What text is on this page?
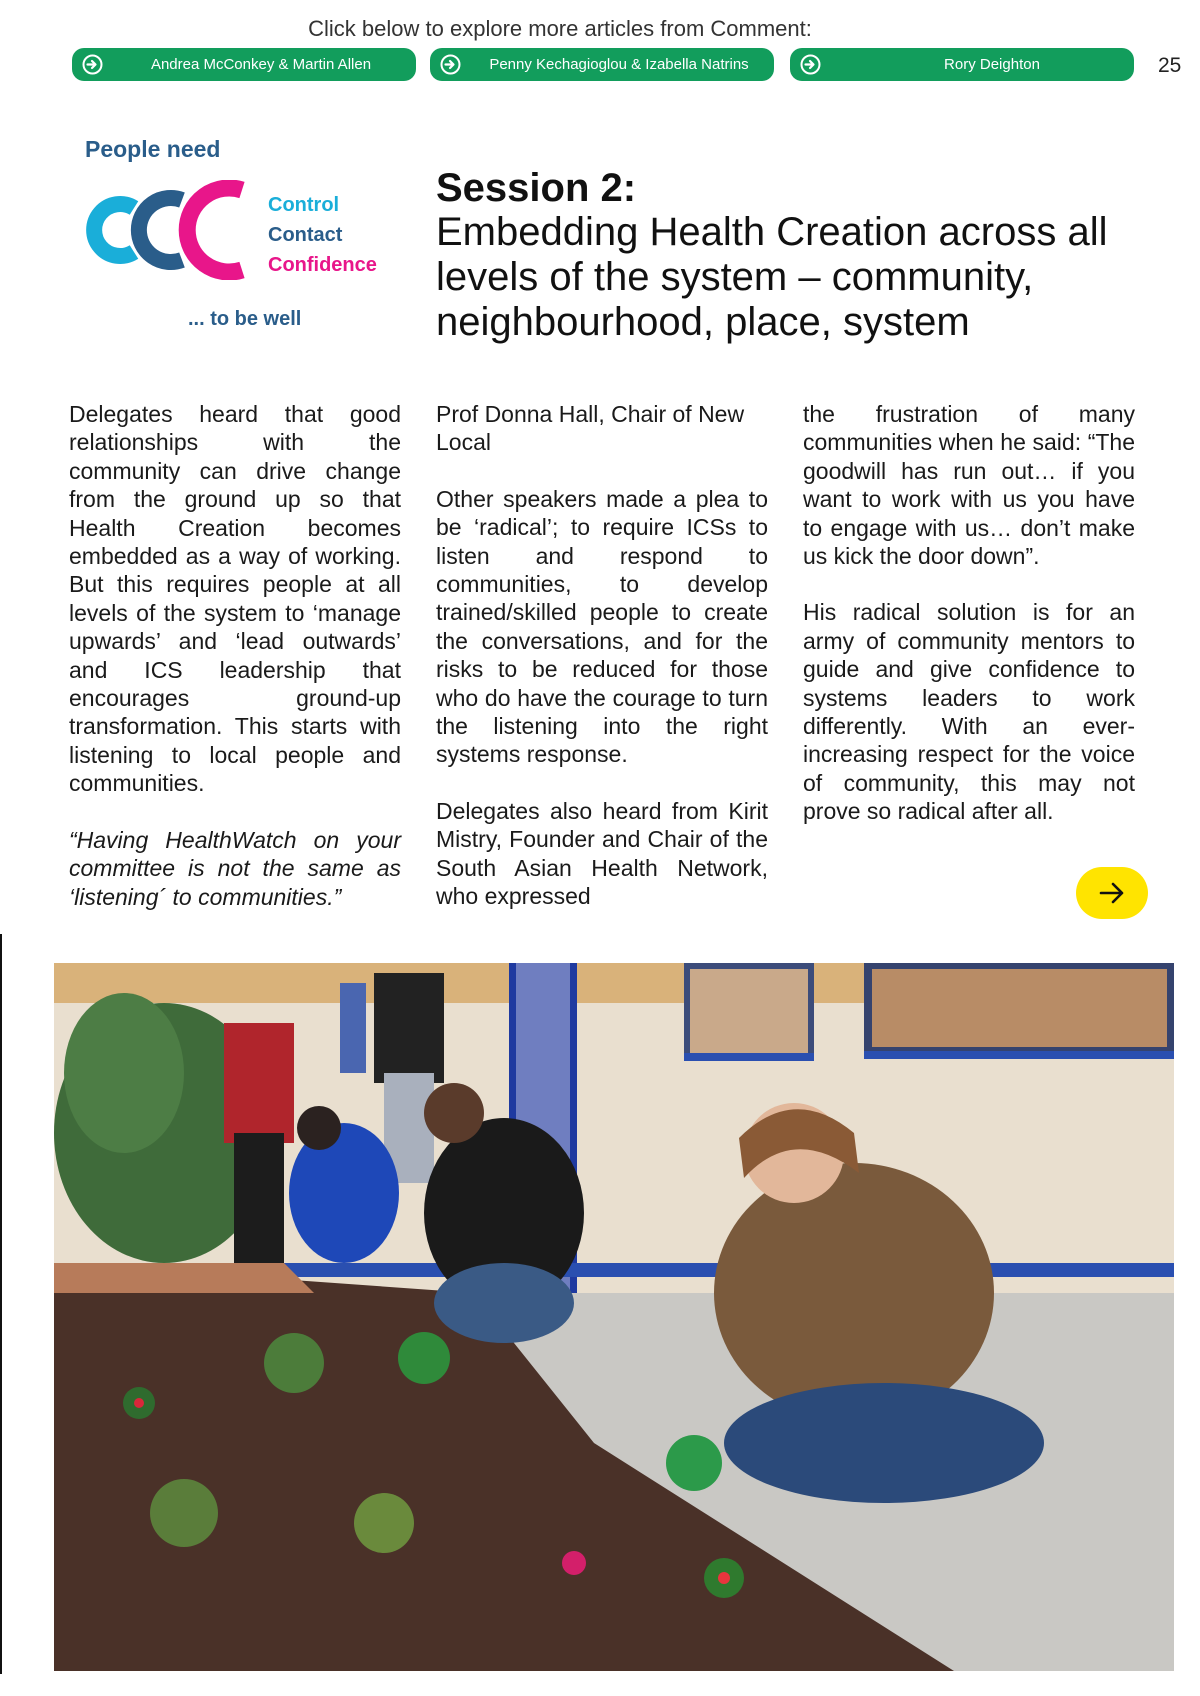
Click below to explore more articles from Comment:
Andrea McConkey & Martin Allen	Penny Kechagioglou & Izabella Natrins	Rory Deighton	25
People need
Control
Contact
Confidence
... to be well
Session 2:
Embedding Health Creation across all levels of the system – community, neighbourhood, place, system

Delegates heard that good relationships with the community can drive change from the ground up so that Health Creation becomes embedded as a way of working. But this requires people at all levels of the system to ‘manage upwards’ and ‘lead outwards’ and ICS leadership that encourages ground-up transformation. This starts with listening to local people and communities.

“Having HealthWatch on your committee is not the same as ‘listening´ to communities.”

Prof Donna Hall, Chair of New Local

Other speakers made a plea to be ‘radical’; to require ICSs to listen and respond to communities, to develop trained/skilled people to create the conversations, and for the risks to be reduced for those who do have the courage to turn the listening into the right systems response.

Delegates also heard from Kirit Mistry, Founder and Chair of the South Asian Health Network, who expressed

the frustration of many communities when he said: “The goodwill has run out… if you want to work with us you have to engage with us… don’t make us kick the door down”.

His radical solution is for an army of community mentors to guide and give confidence to systems leaders to work differently. With an ever-increasing respect for the voice of community, this may not prove so radical after all.
